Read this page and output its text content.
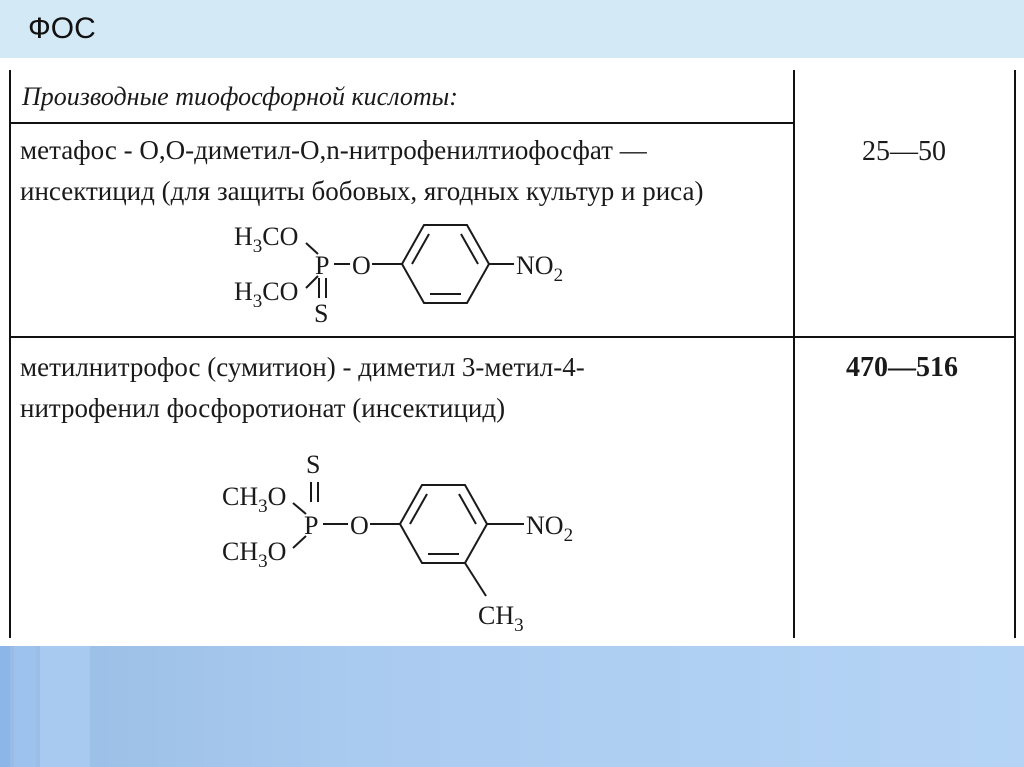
ФОС
Производные тиофосфорной кислоты:
метафос - О,О-диметил-О,n-нитрофенилтиофосфат —
инсектицид (для защиты бобовых, ягодных культур и риса)
25—50
$H_3CO$
$H_3CO$
P O
S
$NO_2$
метилнитрофос (сумитион) - диметил 3-метил-4-
нитрофенил фосфоротионат (инсектицид)
470—516
S
$CH_3O$
$CH_3O$
P O	$NO_2$
$CH_3$
